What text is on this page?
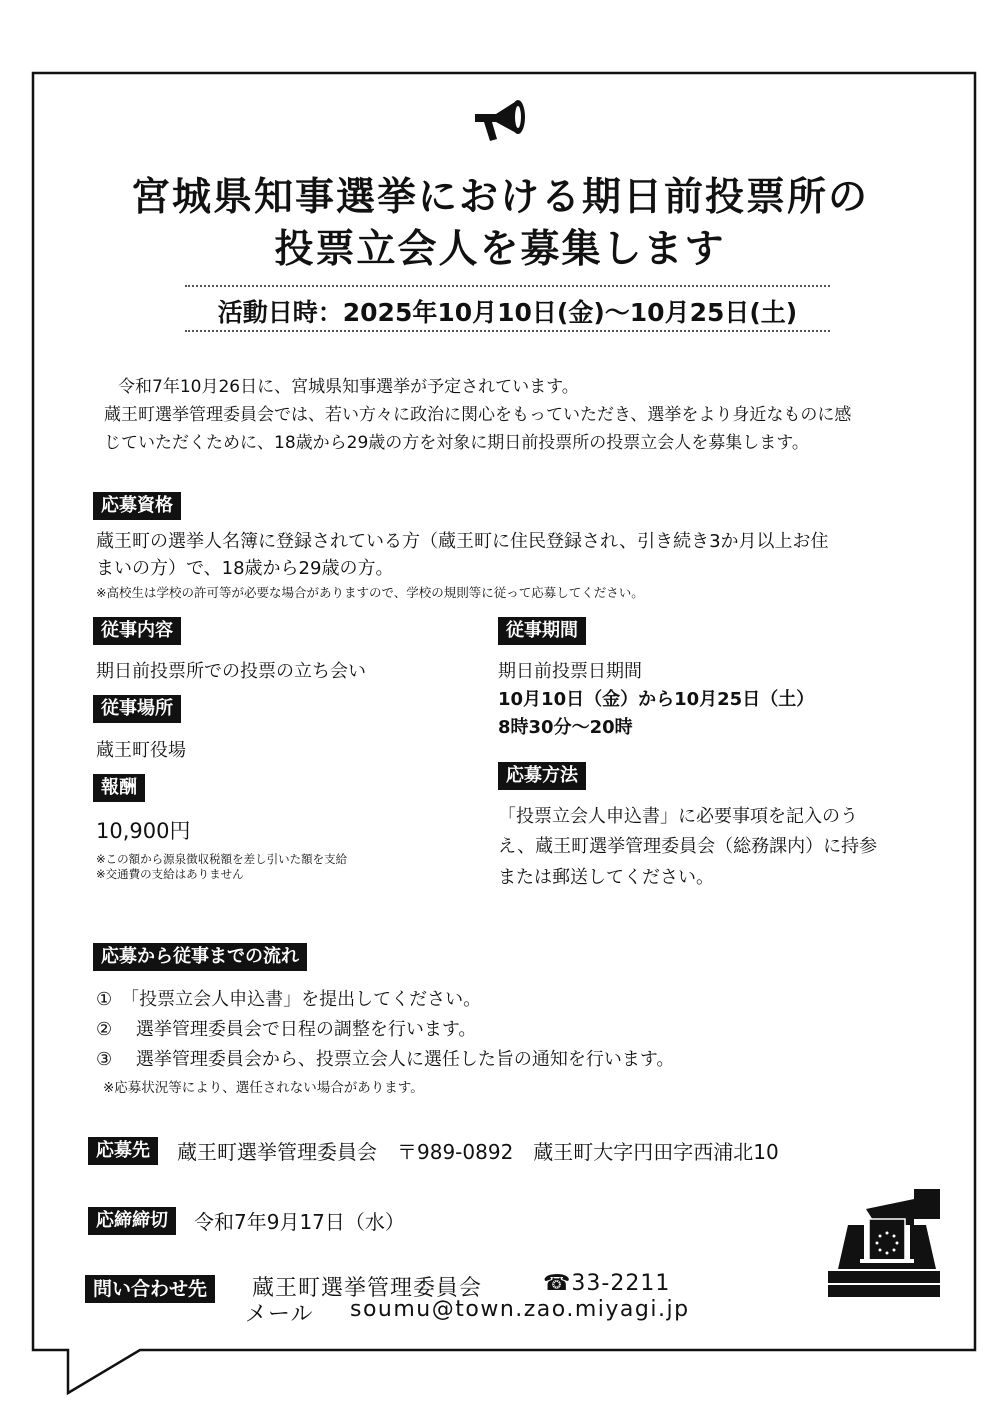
宮城県知事選挙における期日前投票所の
投票立会人を募集します
活動日時：2025年10月10日(金)～10月25日(土)
令和7年10月26日に、宮城県知事選挙が予定されています。
蔵王町選挙管理委員会では、若い方々に政治に関心をもっていただき、選挙をより身近なものに感
じていただくために、18歳から29歳の方を対象に期日前投票所の投票立会人を募集します。
応募資格
蔵王町の選挙人名簿に登録されている方（蔵王町に住民登録され、引き続き3か月以上お住
まいの方）で、18歳から29歳の方。
※高校生は学校の許可等が必要な場合がありますので、学校の規則等に従って応募してください。
従事内容
期日前投票所での投票の立ち会い
従事場所
蔵王町役場
報酬
10,900円
※この額から源泉徴収税額を差し引いた額を支給
※交通費の支給はありません
従事期間
期日前投票日期間
10月10日（金）から10月25日（土）
8時30分～20時
応募方法
「投票立会人申込書」に必要事項を記入のう
え、蔵王町選挙管理委員会（総務課内）に持参
または郵送してください。
応募から従事までの流れ
①　「投票立会人申込書」を提出してください。
②　 選挙管理委員会で日程の調整を行います。
③　 選挙管理委員会から、投票立会人に選任した旨の通知を行います。
※応募状況等により、選任されない場合があります。
応募先	蔵王町選挙管理委員会　〒989-0892　蔵王町大字円田字西浦北10
応締締切	令和7年9月17日（水）
問い合わせ先	蔵王町選挙管理委員会	☎33-2211
メール soumu@town.zao.miyagi.jp
